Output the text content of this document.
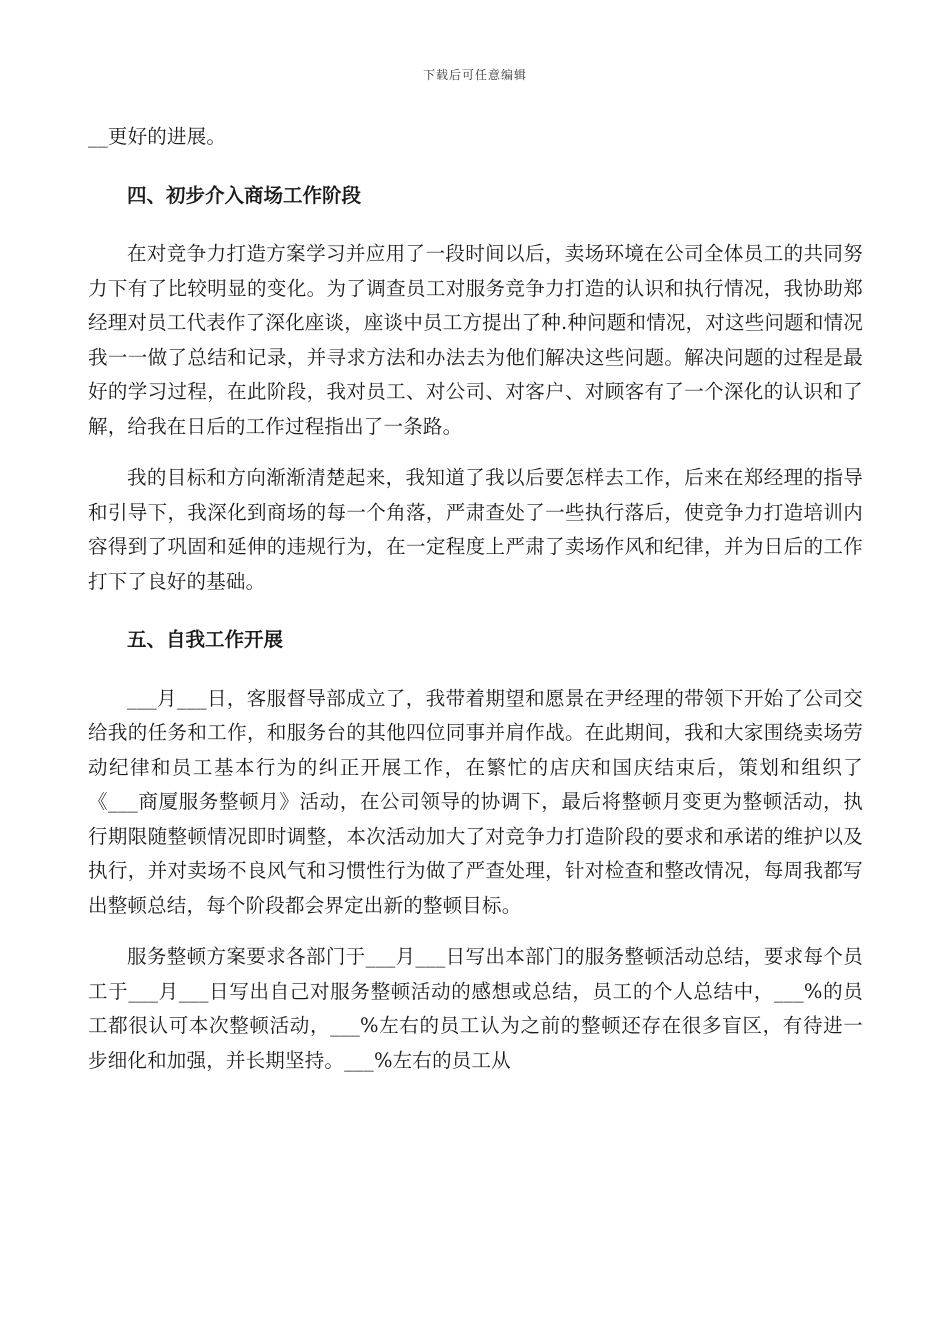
下载后可任意编辑

__更好的进展。

四、初步介入商场工作阶段

在对竞争力打造方案学习并应用了一段时间以后，卖场环境在公司全体员工的共同努力下有了比较明显的变化。为了调查员工对服务竞争力打造的认识和执行情况，我协助郑经理对员工代表作了深化座谈，座谈中员工方提出了种.种问题和情况，对这些问题和情况我一一做了总结和记录，并寻求方法和办法去为他们解决这些问题。解决问题的过程是最好的学习过程，在此阶段，我对员工、对公司、对客户、对顾客有了一个深化的认识和了解，给我在日后的工作过程指出了一条路。

我的目标和方向渐渐清楚起来，我知道了我以后要怎样去工作，后来在郑经理的指导和引导下，我深化到商场的每一个角落，严肃查处了一些执行落后，使竞争力打造培训内容得到了巩固和延伸的违规行为，在一定程度上严肃了卖场作风和纪律，并为日后的工作打下了良好的基础。

五、自我工作开展

___月___日，客服督导部成立了，我带着期望和愿景在尹经理的带领下开始了公司交给我的任务和工作，和服务台的其他四位同事并肩作战。在此期间，我和大家围绕卖场劳动纪律和员工基本行为的纠正开展工作，在繁忙的店庆和国庆结束后，策划和组织了《___商厦服务整顿月》活动，在公司领导的协调下，最后将整顿月变更为整顿活动，执行期限随整顿情况即时调整，本次活动加大了对竞争力打造阶段的要求和承诺的维护以及执行，并对卖场不良风气和习惯性行为做了严查处理，针对检查和整改情况，每周我都写出整顿总结，每个阶段都会界定出新的整顿目标。

服务整顿方案要求各部门于___月___日写出本部门的服务整顿活动总结，要求每个员工于___月___日写出自己对服务整顿活动的感想或总结，员工的个人总结中，___%的员工都很认可本次整顿活动，___%左右的员工认为之前的整顿还存在很多盲区，有待进一步细化和加强，并长期坚持。___%左右的员工从
